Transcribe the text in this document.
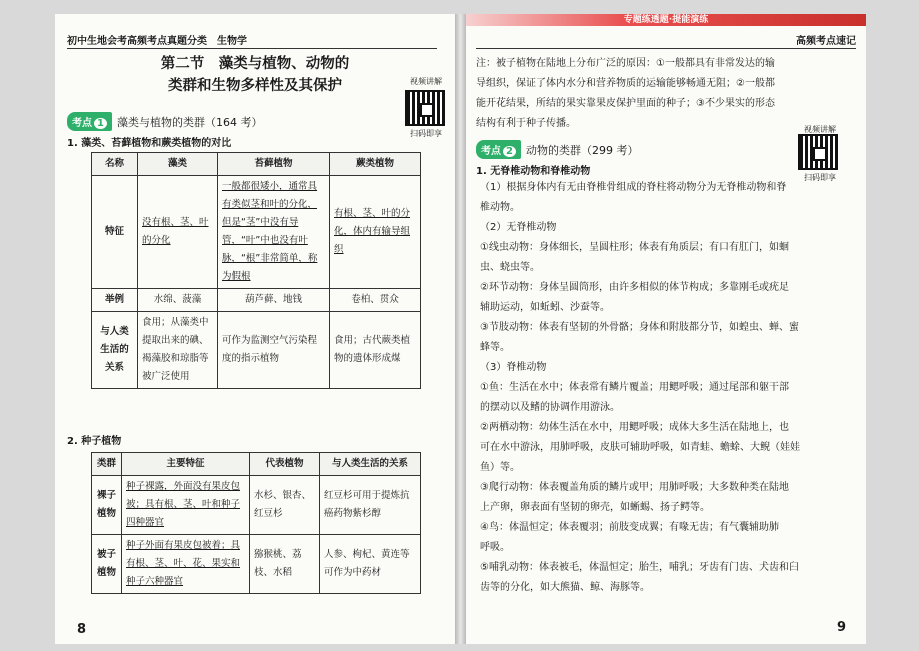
初中生地会考高频考点真题分类　生物学
第二节　藻类与植物、动物的
类群和生物多样性及其保护	视频讲解
扫码即享
考点 1	藻类与植物的类群（164 考）
1. 藻类、苔藓植物和蕨类植物的对比
名称	藻类	苔藓植物	蕨类植物
特征	没有根、茎、叶的分化	一般都很矮小，通常具有类似茎和叶的分化，但是“茎”中没有导管，“叶”中也没有叶脉，“根”非常简单，称为假根	有根、茎、叶的分化，体内有输导组织
举例	水绵、菠藻	葫芦藓、地钱	卷柏、贯众
与人类生活的关系	食用；从藻类中提取出来的碘、褐藻胶和琼脂等被广泛使用	可作为监测空气污染程度的指示植物	食用；古代蕨类植物的遗体形成煤
2. 种子植物
类群	主要特征	代表植物	与人类生活的关系
裸子植物	种子裸露，外面没有果皮包被；具有根、茎、叶和种子四种器官	水杉、银杏、红豆杉	红豆杉可用于提炼抗癌药物紫杉醇
被子植物	种子外面有果皮包被着；具有根、茎、叶、花、果实和种子六种器官	猕猴桃、荔枝、水稻	人参、枸杞、黄连等可作为中药材
8
专题练透题·提能演练
高频考点速记
注：被子植物在陆地上分布广泛的原因：①一般都具有非常发达的输
导组织，保证了体内水分和营养物质的运输能够畅通无阻；②一般都
能开花结果，所结的果实靠果皮保护里面的种子；③不少果实的形态
结构有利于种子传播。
视频讲解
扫码即享
考点 2	动物的类群（299 考）
1. 无脊椎动物和脊椎动物
（1）根据身体内有无由脊椎骨组成的脊柱将动物分为无脊椎动物和脊
椎动物。
（2）无脊椎动物
①线虫动物：身体细长，呈圆柱形；体表有角质层；有口有肛门，如蛔
虫、蛲虫等。
②环节动物：身体呈圆筒形，由许多相似的体节构成；多靠刚毛或疣足
辅助运动，如蚯蚓、沙蚕等。
③节肢动物：体表有坚韧的外骨骼；身体和附肢都分节，如蝗虫、蝉、蜜
蜂等。
（3）脊椎动物
①鱼：生活在水中；体表常有鳞片覆盖；用鳃呼吸；通过尾部和躯干部
的摆动以及鳍的协调作用游泳。
②两栖动物：幼体生活在水中，用鳃呼吸；成体大多生活在陆地上，也
可在水中游泳，用肺呼吸，皮肤可辅助呼吸，如青蛙、蟾蜍、大鲵（娃娃
鱼）等。
③爬行动物：体表覆盖角质的鳞片或甲；用肺呼吸；大多数种类在陆地
上产卵，卵表面有坚韧的卵壳，如蜥蜴、扬子鳄等。
④鸟：体温恒定；体表覆羽；前肢变成翼；有喙无齿；有气囊辅助肺
呼吸。
⑤哺乳动物：体表被毛，体温恒定；胎生，哺乳；牙齿有门齿、犬齿和臼
齿等的分化，如大熊猫、鲸、海豚等。
9
